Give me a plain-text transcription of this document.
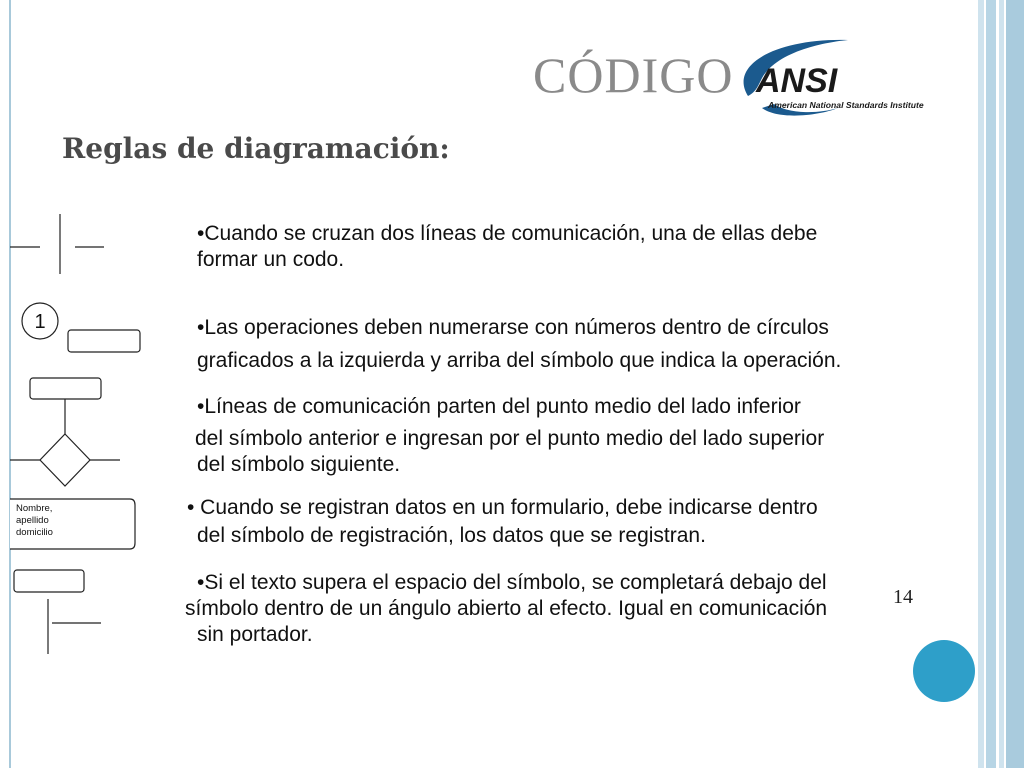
CÓDIGO ANSI
American National Standards Institute
Reglas de diagramación:
1
Nombre,
apellido
domicilio
•Cuando se cruzan dos líneas de comunicación, una de ellas debe
formar un codo.
•Las operaciones deben numerarse con números dentro de círculos
graficados a la izquierda y arriba del símbolo que indica la operación.
•Líneas de comunicación parten del punto medio del lado inferior
del símbolo anterior e ingresan por el punto medio del lado superior
del símbolo siguiente.
• Cuando se registran datos en un formulario, debe indicarse dentro
del símbolo de registración, los datos que se registran.
•Si el texto supera el espacio del símbolo, se completará debajo del
símbolo dentro de un ángulo abierto al efecto. Igual en comunicación
sin portador.
14
